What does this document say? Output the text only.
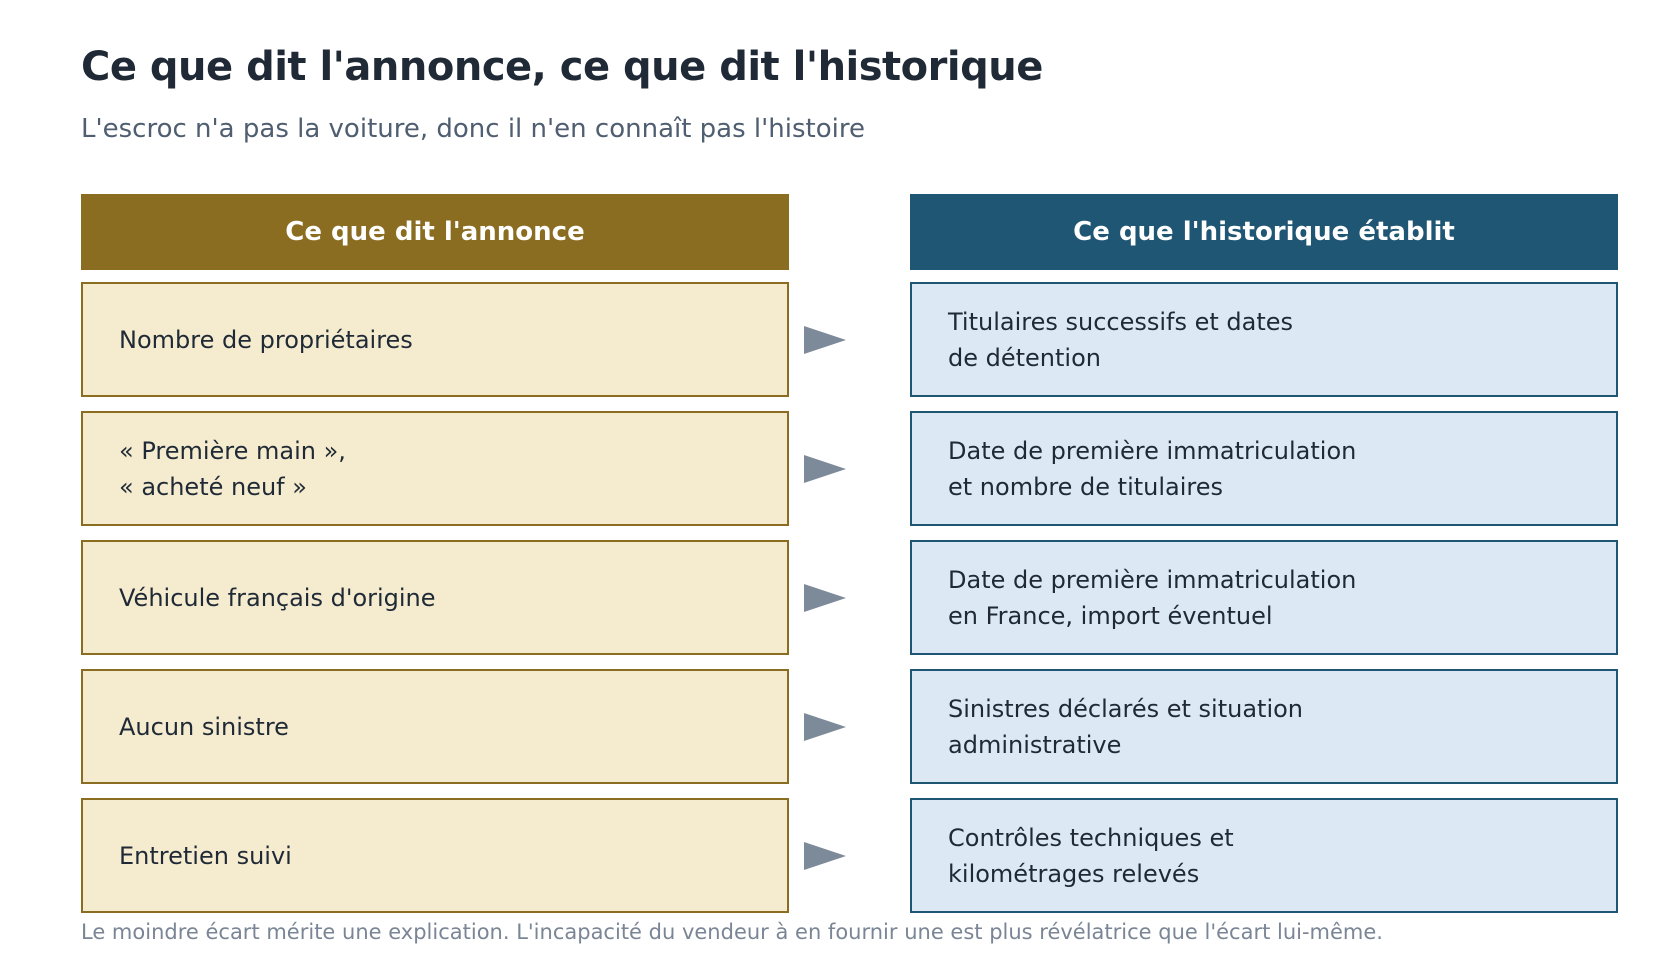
Ce que dit l'annonce, ce que dit l'historique

L'escroc n'a pas la voiture, donc il n'en connaît pas l'histoire

Ce que dit l'annonce	Ce que l'historique établit
Nombre de propriétaires
Titulaires successifs et dates
de détention
« Première main »,
« acheté neuf »
Date de première immatriculation
et nombre de titulaires
Véhicule français d'origine
Date de première immatriculation
en France, import éventuel
Aucun sinistre
Sinistres déclarés et situation
administrative
Entretien suivi
Contrôles techniques et
kilométrages relevés

Le moindre écart mérite une explication. L'incapacité du vendeur à en fournir une est plus révélatrice que l'écart lui-même.
